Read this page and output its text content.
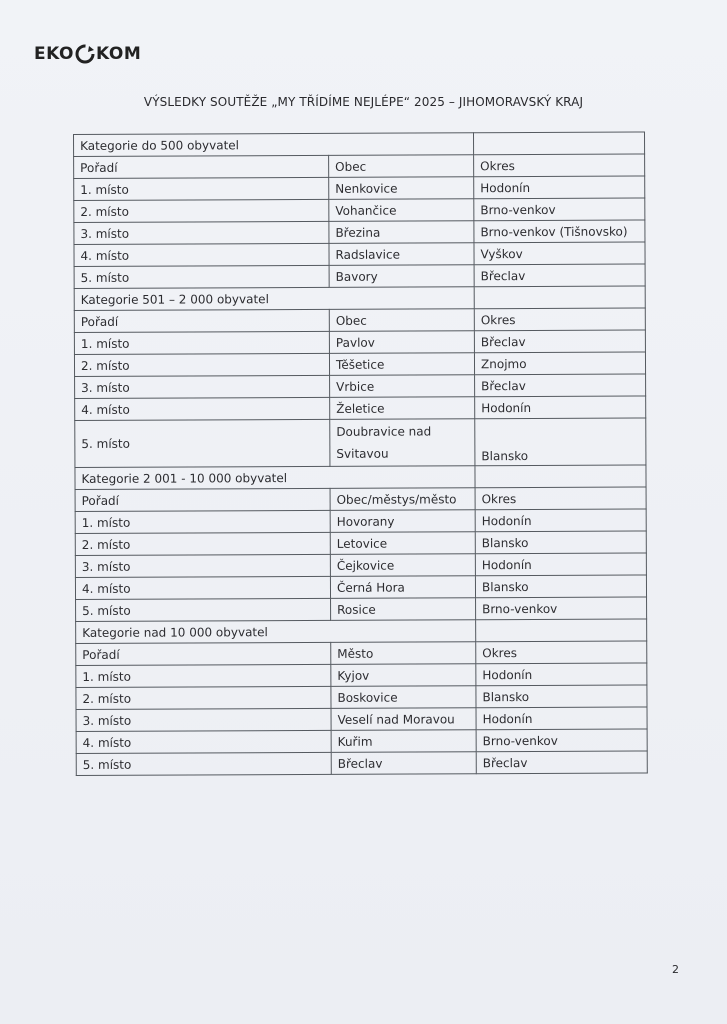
EKO KOM
VÝSLEDKY SOUTĚŽE „MY TŘÍDÍME NEJLÉPE“ 2025 – JIHOMORAVSKÝ KRAJ
Kategorie do 500 obyvatel		
Pořadí	Obec	Okres
1. místo	Nenkovice	Hodonín
2. místo	Vohančice	Brno-venkov
3. místo	Březina	Brno-venkov (Tišnovsko)
4. místo	Radslavice	Vyškov
5. místo	Bavory	Břeclav
Kategorie 501 – 2 000 obyvatel		
Pořadí	Obec	Okres
1. místo	Pavlov	Břeclav
2. místo	Těšetice	Znojmo
3. místo	Vrbice	Břeclav
4. místo	Želetice	Hodonín
5. místo	Doubravice nad Svitavou	Blansko
Kategorie 2 001 - 10 000 obyvatel		
Pořadí	Obec/městys/město	Okres
1. místo	Hovorany	Hodonín
2. místo	Letovice	Blansko
3. místo	Čejkovice	Hodonín
4. místo	Černá Hora	Blansko
5. místo	Rosice	Brno-venkov
Kategorie nad 10 000 obyvatel		
Pořadí	Město	Okres
1. místo	Kyjov	Hodonín
2. místo	Boskovice	Blansko
3. místo	Veselí nad Moravou	Hodonín
4. místo	Kuřim	Brno-venkov
5. místo	Břeclav	Břeclav
2
